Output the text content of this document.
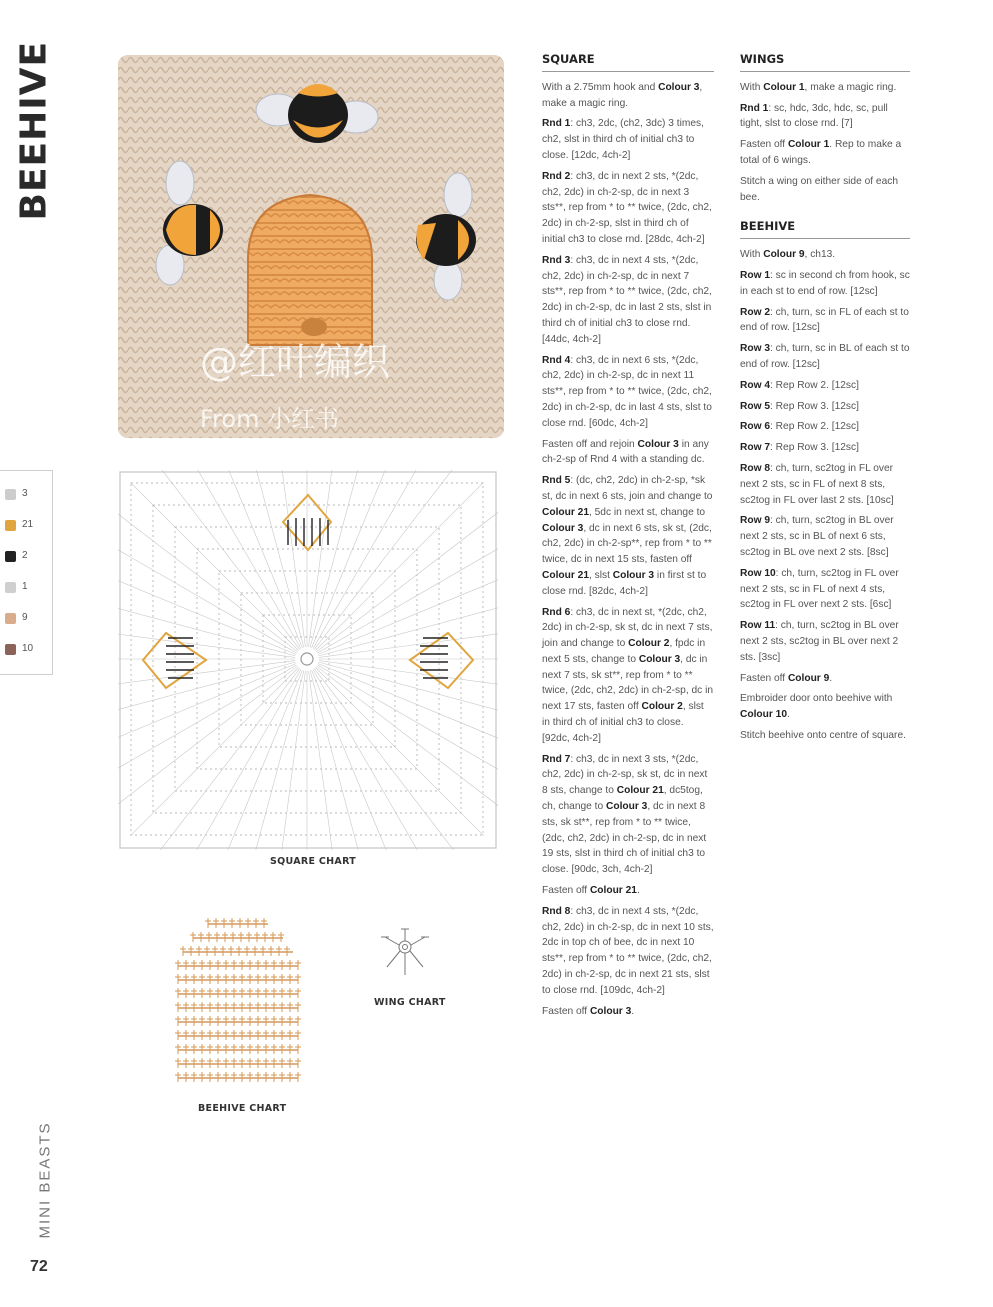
BEEHIVE
@红叶编织
From 小红书
3
21
2
1
9
10
SQUARE CHART
BEEHIVE CHART
WING CHART
SQUARE

With a 2.75mm hook and Colour 3, make a magic ring.

Rnd 1: ch3, 2dc, (ch2, 3dc) 3 times, ch2, slst in third ch of initial ch3 to close. [12dc, 4ch-2]

Rnd 2: ch3, dc in next 2 sts, *(2dc, ch2, 2dc) in ch-2-sp, dc in next 3 sts**, rep from * to ** twice, (2dc, ch2, 2dc) in ch-2-sp, slst in third ch of initial ch3 to close rnd. [28dc, 4ch-2]

Rnd 3: ch3, dc in next 4 sts, *(2dc, ch2, 2dc) in ch-2-sp, dc in next 7 sts**, rep from * to ** twice, (2dc, ch2, 2dc) in ch-2-sp, dc in last 2 sts, slst in third ch of initial ch3 to close rnd. [44dc, 4ch-2]

Rnd 4: ch3, dc in next 6 sts, *(2dc, ch2, 2dc) in ch-2-sp, dc in next 11 sts**, rep from * to ** twice, (2dc, ch2, 2dc) in ch-2-sp, dc in last 4 sts, slst to close rnd. [60dc, 4ch-2]

Fasten off and rejoin Colour 3 in any ch-2-sp of Rnd 4 with a standing dc.

Rnd 5: (dc, ch2, 2dc) in ch-2-sp, *sk st, dc in next 6 sts, join and change to Colour 21, 5dc in next st, change to Colour 3, dc in next 6 sts, sk st, (2dc, ch2, 2dc) in ch-2-sp**, rep from * to ** twice, dc in next 15 sts, fasten off Colour 21, slst Colour 3 in first st to close rnd. [82dc, 4ch-2]

Rnd 6: ch3, dc in next st, *(2dc, ch2, 2dc) in ch-2-sp, sk st, dc in next 7 sts, join and change to Colour 2, fpdc in next 5 sts, change to Colour 3, dc in next 7 sts, sk st**, rep from * to ** twice, (2dc, ch2, 2dc) in ch-2-sp, dc in next 17 sts, fasten off Colour 2, slst in third ch of initial ch3 to close. [92dc, 4ch-2]

Rnd 7: ch3, dc in next 3 sts, *(2dc, ch2, 2dc) in ch-2-sp, sk st, dc in next 8 sts, change to Colour 21, dc5tog, ch, change to Colour 3, dc in next 8 sts, sk st**, rep from * to ** twice, (2dc, ch2, 2dc) in ch-2-sp, dc in next 19 sts, slst in third ch of initial ch3 to close. [90dc, 3ch, 4ch-2]

Fasten off Colour 21.

Rnd 8: ch3, dc in next 4 sts, *(2dc, ch2, 2dc) in ch-2-sp, dc in next 10 sts, 2dc in top ch of bee, dc in next 10 sts**, rep from * to ** twice, (2dc, ch2, 2dc) in ch-2-sp, dc in next 21 sts, slst to close rnd. [109dc, 4ch-2]

Fasten off Colour 3.

WINGS

With Colour 1, make a magic ring.

Rnd 1: sc, hdc, 3dc, hdc, sc, pull tight, slst to close rnd. [7]

Fasten off Colour 1. Rep to make a total of 6 wings.

Stitch a wing on either side of each bee.

BEEHIVE

With Colour 9, ch13.

Row 1: sc in second ch from hook, sc in each st to end of row. [12sc]

Row 2: ch, turn, sc in FL of each st to end of row. [12sc]

Row 3: ch, turn, sc in BL of each st to end of row. [12sc]

Row 4: Rep Row 2. [12sc]

Row 5: Rep Row 3. [12sc]

Row 6: Rep Row 2. [12sc]

Row 7: Rep Row 3. [12sc]

Row 8: ch, turn, sc2tog in FL over next 2 sts, sc in FL of next 8 sts, sc2tog in FL over last 2 sts. [10sc]

Row 9: ch, turn, sc2tog in BL over next 2 sts, sc in BL of next 6 sts, sc2tog in BL ove next 2 sts. [8sc]

Row 10: ch, turn, sc2tog in FL over next 2 sts, sc in FL of next 4 sts, sc2tog in FL over next 2 sts. [6sc]

Row 11: ch, turn, sc2tog in BL over next 2 sts, sc2tog in BL over next 2 sts. [3sc]

Fasten off Colour 9.

Embroider door onto beehive with Colour 10.

Stitch beehive onto centre of square.

MINI BEASTS
72
